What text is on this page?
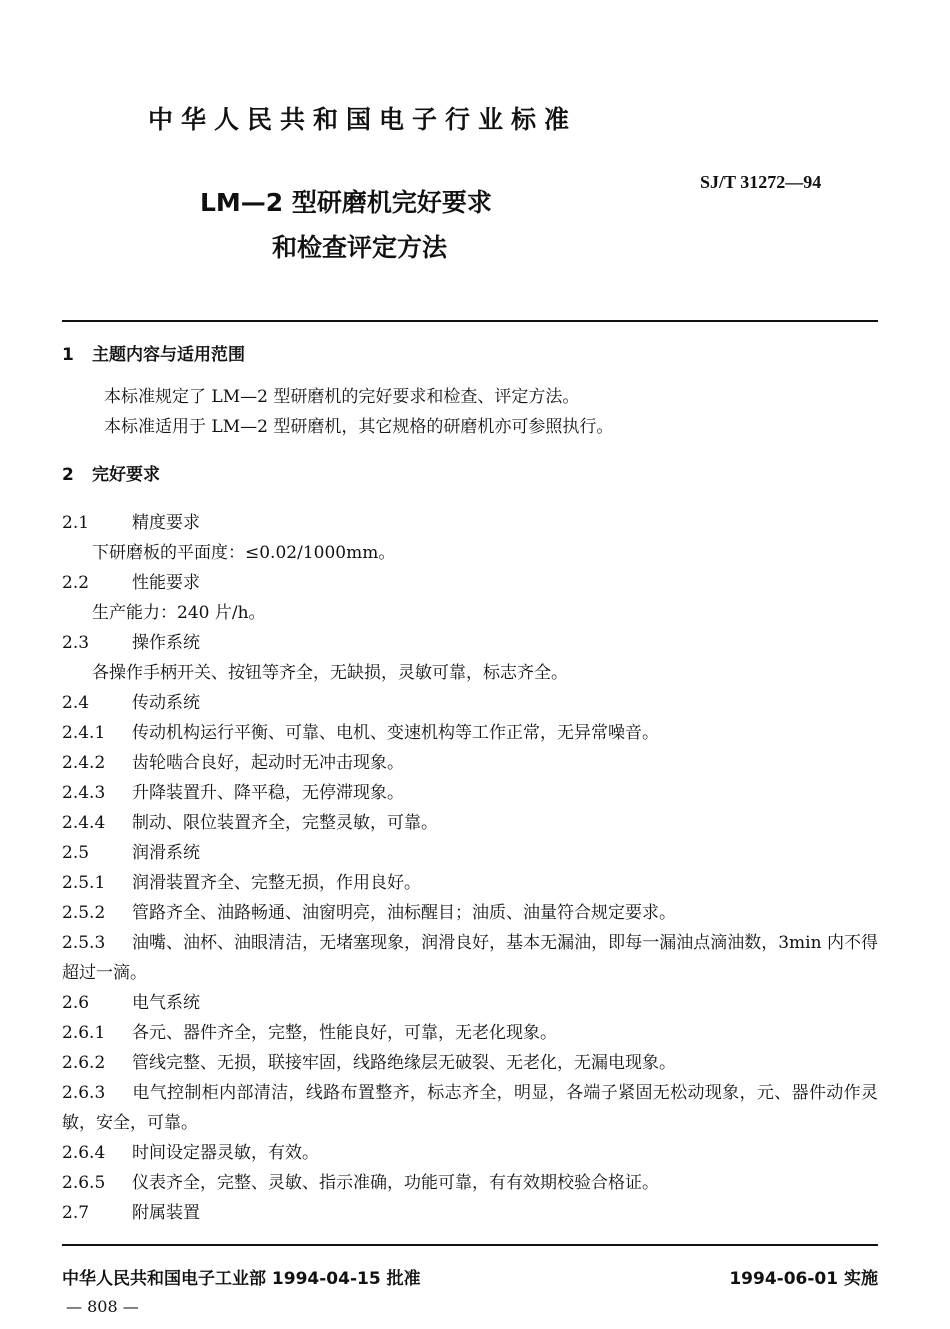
中华人民共和国电子行业标准
SJ/T 31272—94
LM—2 型研磨机完好要求
和检查评定方法
1 主题内容与适用范围
本标准规定了 LM—2 型研磨机的完好要求和检查、评定方法。
本标准适用于 LM—2 型研磨机，其它规格的研磨机亦可参照执行。
2 完好要求
2.1	精度要求
下研磨板的平面度：≤0.02/1000mm。
2.2	性能要求
生产能力：240 片/h。
2.3	操作系统
各操作手柄开关、按钮等齐全，无缺损，灵敏可靠，标志齐全。
2.4	传动系统
2.4.1 传动机构运行平衡、可靠、电机、变速机构等工作正常，无异常噪音。
2.4.2 齿轮啮合良好，起动时无冲击现象。
2.4.3 升降装置升、降平稳，无停滞现象。
2.4.4 制动、限位装置齐全，完整灵敏，可靠。
2.5	润滑系统
2.5.1 润滑装置齐全、完整无损，作用良好。
2.5.2 管路齐全、油路畅通、油窗明亮，油标醒目；油质、油量符合规定要求。
2.5.3 油嘴、油杯、油眼清洁，无堵塞现象，润滑良好，基本无漏油，即每一漏油点滴油数，3min 内不得超过一滴。
2.6	电气系统
2.6.1 各元、器件齐全，完整，性能良好，可靠，无老化现象。
2.6.2 管线完整、无损，联接牢固，线路绝缘层无破裂、无老化，无漏电现象。
2.6.3 电气控制柜内部清洁，线路布置整齐，标志齐全，明显，各端子紧固无松动现象，元、器件动作灵敏，安全，可靠。
2.6.4 时间设定器灵敏，有效。
2.6.5 仪表齐全，完整、灵敏、指示准确，功能可靠，有有效期校验合格证。
2.7	附属装置
中华人民共和国电子工业部 1994-04-15 批准	1994-06-01 实施
— 808 —
